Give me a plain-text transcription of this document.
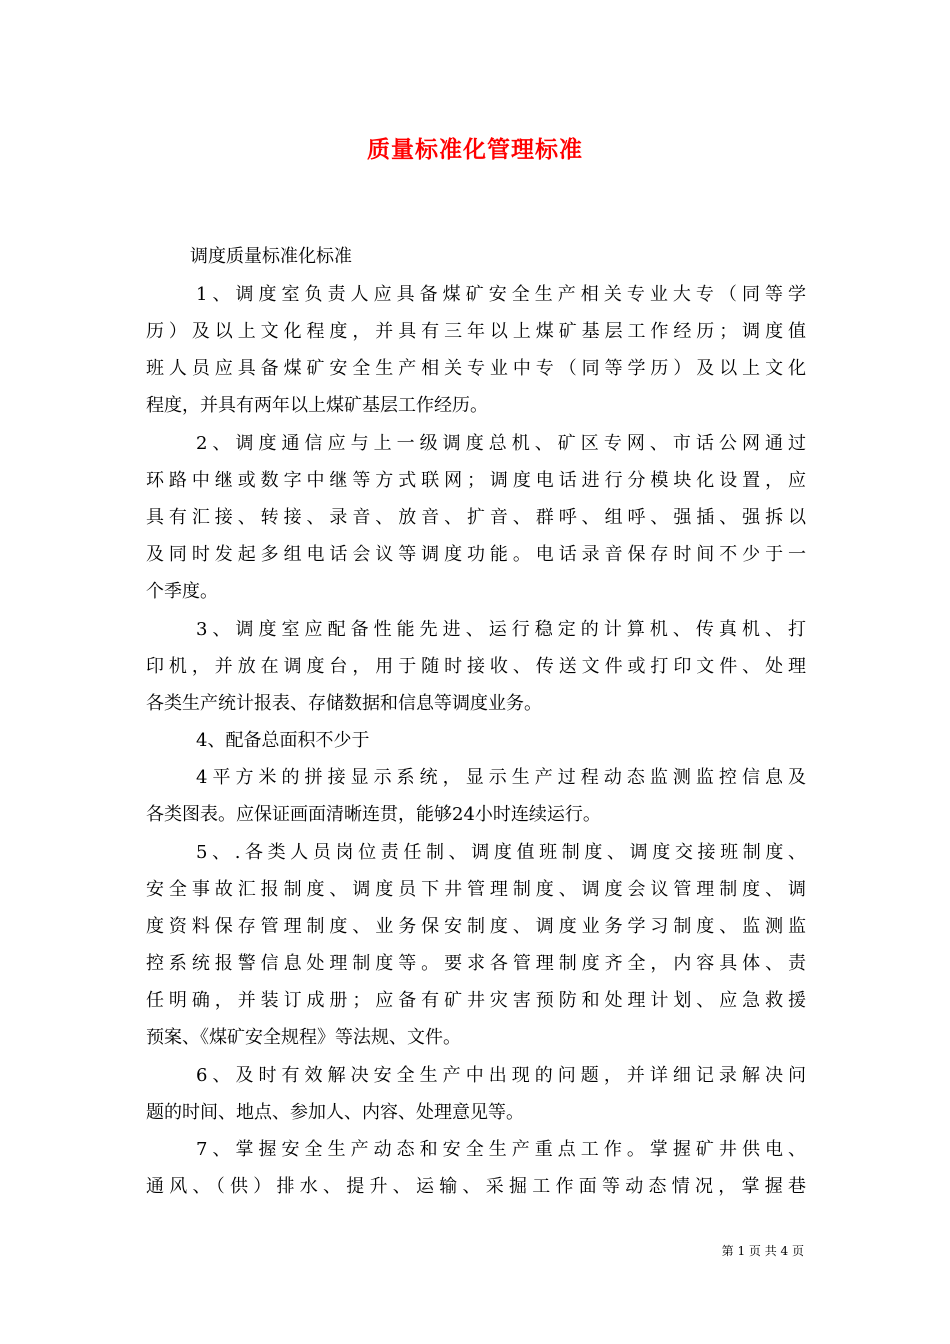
质量标准化管理标准
调度质量标准化标准
1、调度室负责人应具备煤矿安全生产相关专业大专（同等学
历）及以上文化程度，并具有三年以上煤矿基层工作经历；调度值
班人员应具备煤矿安全生产相关专业中专（同等学历）及以上文化
程度，并具有两年以上煤矿基层工作经历。
2、调度通信应与上一级调度总机、矿区专网、市话公网通过
环路中继或数字中继等方式联网；调度电话进行分模块化设置，应
具有汇接、转接、录音、放音、扩音、群呼、组呼、强插、强拆以
及同时发起多组电话会议等调度功能。电话录音保存时间不少于一
个季度。
3、调度室应配备性能先进、运行稳定的计算机、传真机、打
印机，并放在调度台，用于随时接收、传送文件或打印文件、处理
各类生产统计报表、存储数据和信息等调度业务。
4、配备总面积不少于
4平方米的拼接显示系统，显示生产过程动态监测监控信息及
各类图表。应保证画面清晰连贯，能够24小时连续运行。
5、.各类人员岗位责任制、调度值班制度、调度交接班制度、
安全事故汇报制度、调度员下井管理制度、调度会议管理制度、调
度资料保存管理制度、业务保安制度、调度业务学习制度、监测监
控系统报警信息处理制度等。要求各管理制度齐全，内容具体、责
任明确，并装订成册；应备有矿井灾害预防和处理计划、应急救援
预案、《煤矿安全规程》等法规、文件。
6、及时有效解决安全生产中出现的问题，并详细记录解决问
题的时间、地点、参加人、内容、处理意见等。
7、掌握安全生产动态和安全生产重点工作。掌握矿井供电、
通风、（供）排水、提升、运输、采掘工作面等动态情况，掌握巷
第 1 页 共 4 页
